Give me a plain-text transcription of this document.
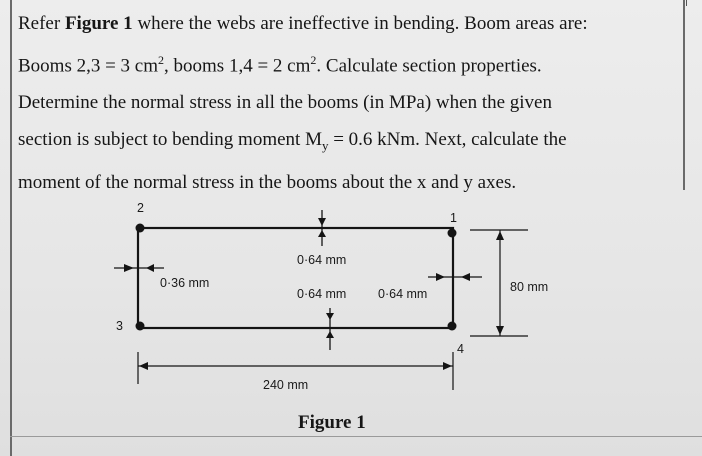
Refer Figure 1 where the webs are ineffective in bending. Boom areas are:
Booms 2,3 = 3 $cm^2$, booms 1,4 = 2 $cm^2$. Calculate section properties.
Determine the normal stress in all the booms (in MPa) when the given
section is subject to bending moment $M_y = 0.6$ kNm. Next, calculate the
moment of the normal stress in the booms about the x and y axes.
2
1
3
4
0·64 mm
0·36 mm
0·64 mm	0·64 mm	80 mm
240 mm
Figure 1
